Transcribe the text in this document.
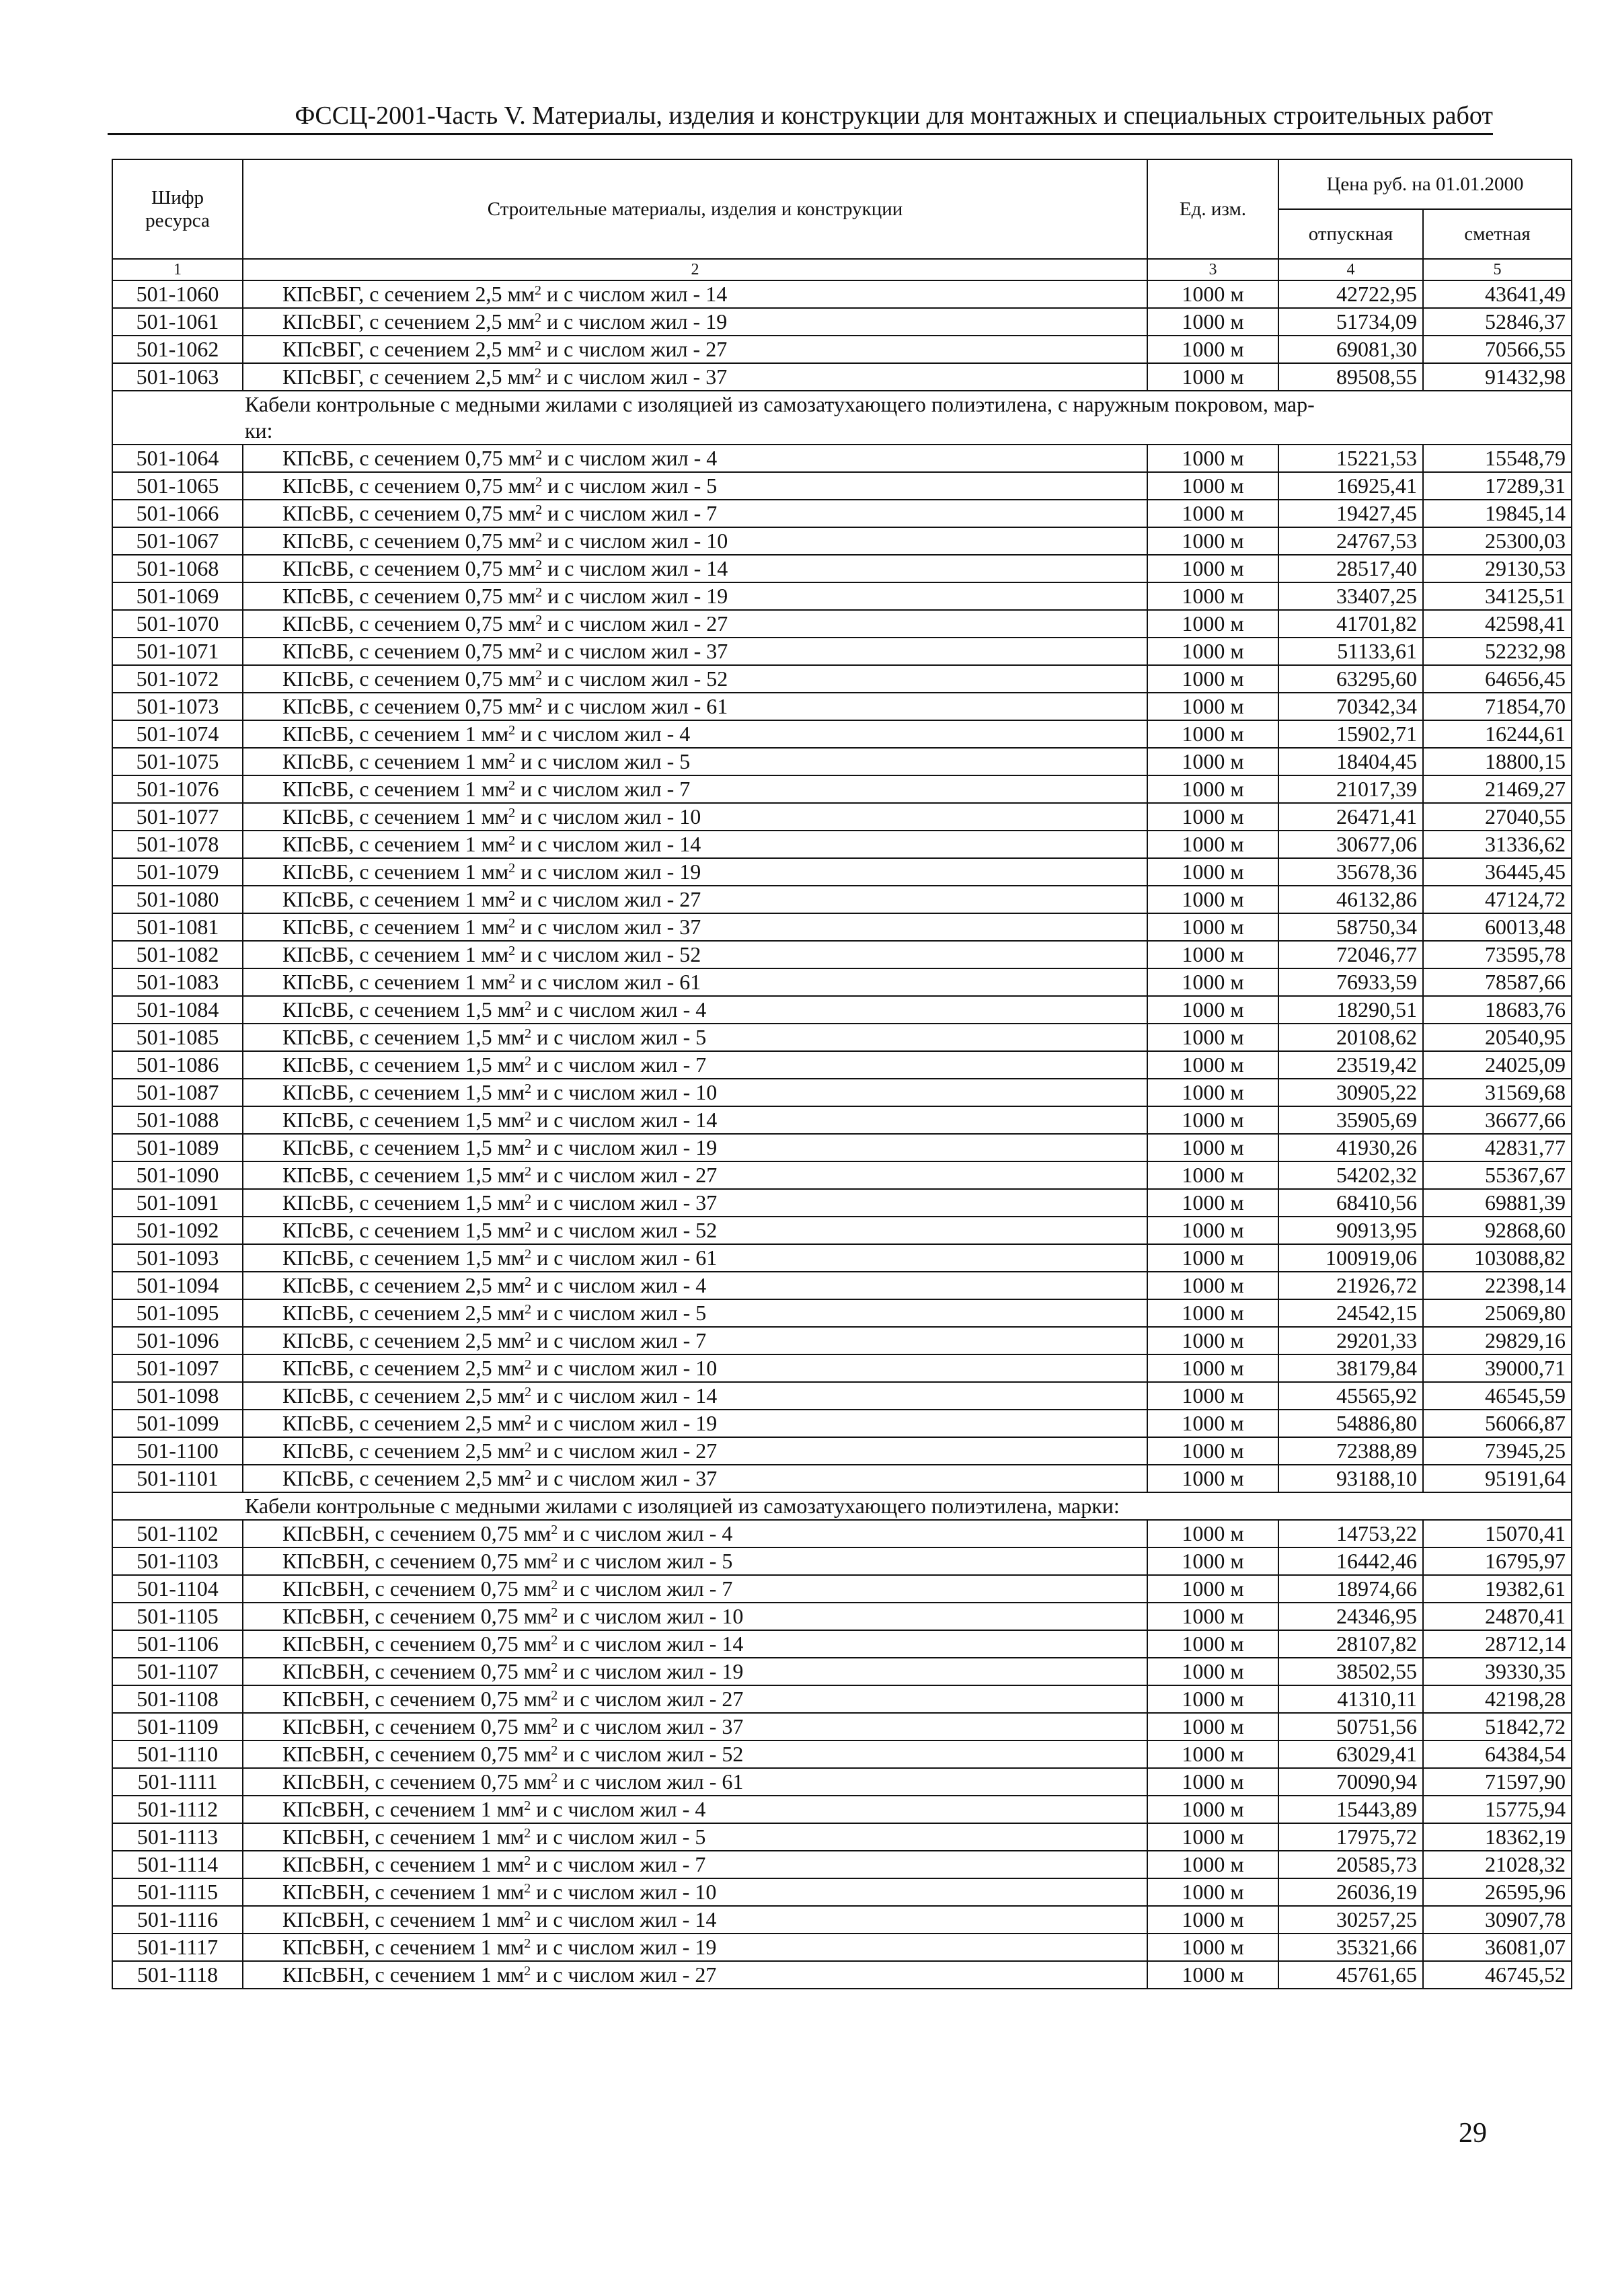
ФССЦ-2001-Часть V. Материалы, изделия и конструкции для монтажных и специальных строительных работ
Шифр ресурса	Строительные материалы, изделия и конструкции	Ед. изм.	Цена руб. на 01.01.2000	
			отпускная	сметная
1	2	3	4	5
501-1060	КПсВБГ, с сечением 2,5 $мм^2$ и с числом жил - 14	1000 м	42722,95	43641,49
501-1061	КПсВБГ, с сечением 2,5 $мм^2$ и с числом жил - 19	1000 м	51734,09	52846,37
501-1062	КПсВБГ, с сечением 2,5 $мм^2$ и с числом жил - 27	1000 м	69081,30	70566,55
501-1063	КПсВБГ, с сечением 2,5 $мм^2$ и с числом жил - 37	1000 м	89508,55	91432,98

Кабели контрольные с медными жилами с изоляцией из самозатухающего полиэтилена, с наружным покровом, мар-
ки:				

501-1064	КПсВБ, с сечением 0,75 $мм^2$ и с числом жил - 4	1000 м	15221,53	15548,79
501-1065	КПсВБ, с сечением 0,75 $мм^2$ и с числом жил - 5	1000 м	16925,41	17289,31
501-1066	КПсВБ, с сечением 0,75 $мм^2$ и с числом жил - 7	1000 м	19427,45	19845,14
501-1067	КПсВБ, с сечением 0,75 $мм^2$ и с числом жил - 10	1000 м	24767,53	25300,03
501-1068	КПсВБ, с сечением 0,75 $мм^2$ и с числом жил - 14	1000 м	28517,40	29130,53
501-1069	КПсВБ, с сечением 0,75 $мм^2$ и с числом жил - 19	1000 м	33407,25	34125,51
501-1070	КПсВБ, с сечением 0,75 $мм^2$ и с числом жил - 27	1000 м	41701,82	42598,41
501-1071	КПсВБ, с сечением 0,75 $мм^2$ и с числом жил - 37	1000 м	51133,61	52232,98
501-1072	КПсВБ, с сечением 0,75 $мм^2$ и с числом жил - 52	1000 м	63295,60	64656,45
501-1073	КПсВБ, с сечением 0,75 $мм^2$ и с числом жил - 61	1000 м	70342,34	71854,70
501-1074	КПсВБ, с сечением 1 $мм^2$ и с числом жил - 4	1000 м	15902,71	16244,61
501-1075	КПсВБ, с сечением 1 $мм^2$ и с числом жил - 5	1000 м	18404,45	18800,15
501-1076	КПсВБ, с сечением 1 $мм^2$ и с числом жил - 7	1000 м	21017,39	21469,27
501-1077	КПсВБ, с сечением 1 $мм^2$ и с числом жил - 10	1000 м	26471,41	27040,55
501-1078	КПсВБ, с сечением 1 $мм^2$ и с числом жил - 14	1000 м	30677,06	31336,62
501-1079	КПсВБ, с сечением 1 $мм^2$ и с числом жил - 19	1000 м	35678,36	36445,45
501-1080	КПсВБ, с сечением 1 $мм^2$ и с числом жил - 27	1000 м	46132,86	47124,72
501-1081	КПсВБ, с сечением 1 $мм^2$ и с числом жил - 37	1000 м	58750,34	60013,48
501-1082	КПсВБ, с сечением 1 $мм^2$ и с числом жил - 52	1000 м	72046,77	73595,78
501-1083	КПсВБ, с сечением 1 $мм^2$ и с числом жил - 61	1000 м	76933,59	78587,66
501-1084	КПсВБ, с сечением 1,5 $мм^2$ и с числом жил - 4	1000 м	18290,51	18683,76
501-1085	КПсВБ, с сечением 1,5 $мм^2$ и с числом жил - 5	1000 м	20108,62	20540,95
501-1086	КПсВБ, с сечением 1,5 $мм^2$ и с числом жил - 7	1000 м	23519,42	24025,09
501-1087	КПсВБ, с сечением 1,5 $мм^2$ и с числом жил - 10	1000 м	30905,22	31569,68
501-1088	КПсВБ, с сечением 1,5 $мм^2$ и с числом жил - 14	1000 м	35905,69	36677,66
501-1089	КПсВБ, с сечением 1,5 $мм^2$ и с числом жил - 19	1000 м	41930,26	42831,77
501-1090	КПсВБ, с сечением 1,5 $мм^2$ и с числом жил - 27	1000 м	54202,32	55367,67
501-1091	КПсВБ, с сечением 1,5 $мм^2$ и с числом жил - 37	1000 м	68410,56	69881,39
501-1092	КПсВБ, с сечением 1,5 $мм^2$ и с числом жил - 52	1000 м	90913,95	92868,60
501-1093	КПсВБ, с сечением 1,5 $мм^2$ и с числом жил - 61	1000 м	100919,06	103088,82
501-1094	КПсВБ, с сечением 2,5 $мм^2$ и с числом жил - 4	1000 м	21926,72	22398,14
501-1095	КПсВБ, с сечением 2,5 $мм^2$ и с числом жил - 5	1000 м	24542,15	25069,80
501-1096	КПсВБ, с сечением 2,5 $мм^2$ и с числом жил - 7	1000 м	29201,33	29829,16
501-1097	КПсВБ, с сечением 2,5 $мм^2$ и с числом жил - 10	1000 м	38179,84	39000,71
501-1098	КПсВБ, с сечением 2,5 $мм^2$ и с числом жил - 14	1000 м	45565,92	46545,59
501-1099	КПсВБ, с сечением 2,5 $мм^2$ и с числом жил - 19	1000 м	54886,80	56066,87
501-1100	КПсВБ, с сечением 2,5 $мм^2$ и с числом жил - 27	1000 м	72388,89	73945,25
501-1101	КПсВБ, с сечением 2,5 $мм^2$ и с числом жил - 37	1000 м	93188,10	95191,64

Кабели контрольные с медными жилами с изоляцией из самозатухающего полиэтилена, марки:				

501-1102	КПсВБН, с сечением 0,75 $мм^2$ и с числом жил - 4	1000 м	14753,22	15070,41
501-1103	КПсВБН, с сечением 0,75 $мм^2$ и с числом жил - 5	1000 м	16442,46	16795,97
501-1104	КПсВБН, с сечением 0,75 $мм^2$ и с числом жил - 7	1000 м	18974,66	19382,61
501-1105	КПсВБН, с сечением 0,75 $мм^2$ и с числом жил - 10	1000 м	24346,95	24870,41
501-1106	КПсВБН, с сечением 0,75 $мм^2$ и с числом жил - 14	1000 м	28107,82	28712,14
501-1107	КПсВБН, с сечением 0,75 $мм^2$ и с числом жил - 19	1000 м	38502,55	39330,35
501-1108	КПсВБН, с сечением 0,75 $мм^2$ и с числом жил - 27	1000 м	41310,11	42198,28
501-1109	КПсВБН, с сечением 0,75 $мм^2$ и с числом жил - 37	1000 м	50751,56	51842,72
501-1110	КПсВБН, с сечением 0,75 $мм^2$ и с числом жил - 52	1000 м	63029,41	64384,54
501-1111	КПсВБН, с сечением 0,75 $мм^2$ и с числом жил - 61	1000 м	70090,94	71597,90
501-1112	КПсВБН, с сечением 1 $мм^2$ и с числом жил - 4	1000 м	15443,89	15775,94
501-1113	КПсВБН, с сечением 1 $мм^2$ и с числом жил - 5	1000 м	17975,72	18362,19
501-1114	КПсВБН, с сечением 1 $мм^2$ и с числом жил - 7	1000 м	20585,73	21028,32
501-1115	КПсВБН, с сечением 1 $мм^2$ и с числом жил - 10	1000 м	26036,19	26595,96
501-1116	КПсВБН, с сечением 1 $мм^2$ и с числом жил - 14	1000 м	30257,25	30907,78
501-1117	КПсВБН, с сечением 1 $мм^2$ и с числом жил - 19	1000 м	35321,66	36081,07
501-1118	КПсВБН, с сечением 1 $мм^2$ и с числом жил - 27	1000 м	45761,65	46745,52
29
